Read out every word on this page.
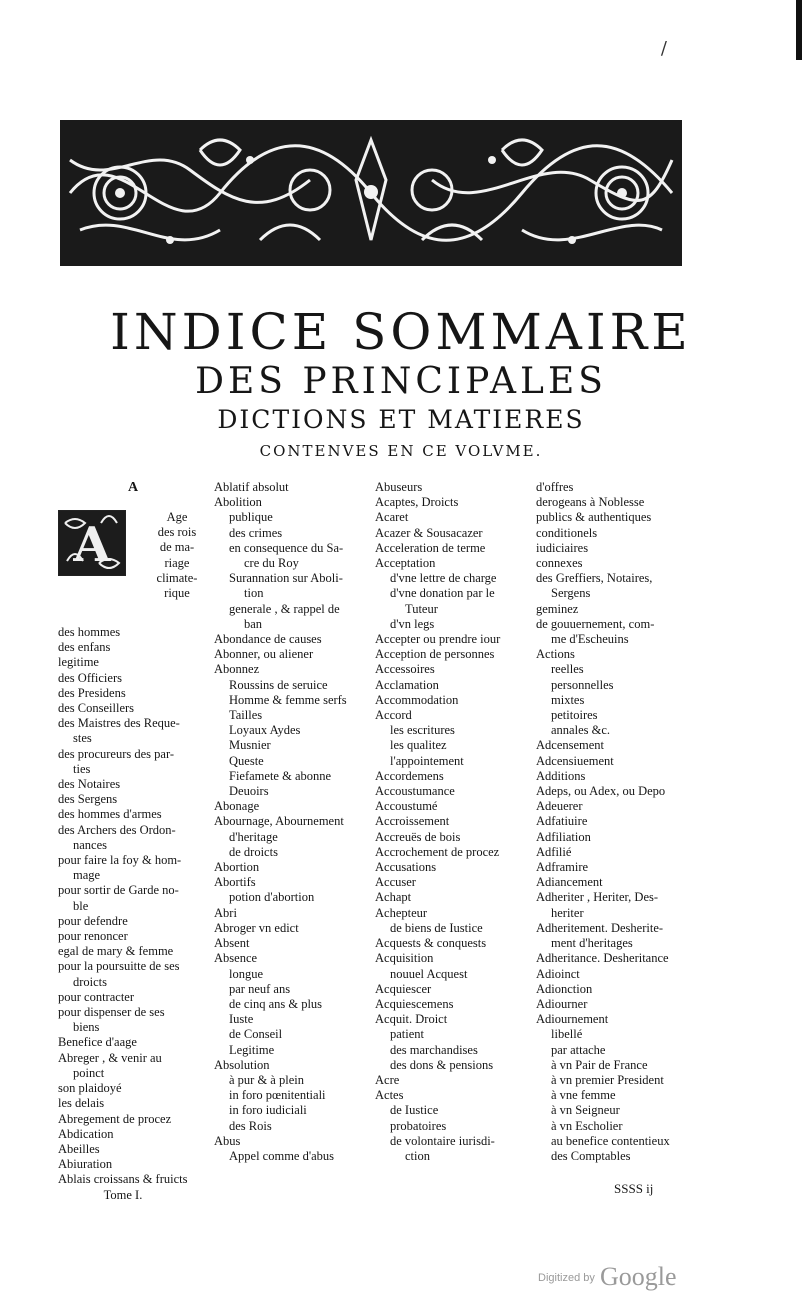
/
INDICE SOMMAIRE
DES PRINCIPALES
DICTIONS ET MATIERES
CONTENVES EN CE VOLVME.
A
A	Age
des rois
de ma-
riage
climate-
rique
des hommes
des enfans
legitime
des Officiers
des Presidens
des Conseillers
des Maistres des Reque-
stes
des procureurs des par-
ties
des Notaires
des Sergens
des hommes d'armes
des Archers des Ordon-
nances
pour faire la foy & hom-
mage
pour sortir de Garde no-
ble
pour defendre
pour renoncer
egal de mary & femme
pour la poursuitte de ses
droicts
pour contracter
pour dispenser de ses
biens
Benefice d'aage
Abreger , & venir au
poinct
son plaidoyé
les delais
Abregement de procez
Abdication
Abeilles
Abiuration
Ablais croissans & fruicts
Tome I.
Ablatif absolut
Abolition
publique
des crimes
en consequence du Sa-
cre du Roy
Surannation sur Aboli-
tion
generale , & rappel de
ban
Abondance de causes
Abonner, ou aliener
Abonnez
Roussins de seruice
Homme & femme serfs
Tailles
Loyaux Aydes
Musnier
Queste
Fiefamete & abonne
Deuoirs
Abonage
Abournage, Abournement
d'heritage
de droicts
Abortion
Abortifs
potion d'abortion
Abri
Abroger vn edict
Absent
Absence
longue
par neuf ans
de cinq ans & plus
Iuste
de Conseil
Legitime
Absolution
à pur & à plein
in foro pœnitentiali
in foro iudiciali
des Rois
Abus
Appel comme d'abus
Abuseurs
Acaptes, Droicts
Acaret
Acazer & Sousacazer
Acceleration de terme
Acceptation
d'vne lettre de charge
d'vne donation par le
Tuteur
d'vn legs
Accepter ou prendre iour
Acception de personnes
Accessoires
Acclamation
Accommodation
Accord
les escritures
les qualitez
l'appointement
Accordemens
Accoustumance
Accoustumé
Accroissement
Accreuës de bois
Accrochement de procez
Accusations
Accuser
Achapt
Achepteur
de biens de Iustice
Acquests & conquests
Acquisition
nouuel Acquest
Acquiescer
Acquiescemens
Acquit. Droict
patient
des marchandises
des dons & pensions
Acre
Actes
de Iustice
probatoires
de volontaire iurisdi-
ction
d'offres
derogeans à Noblesse
publics & authentiques
conditionels
iudiciaires
connexes
des Greffiers, Notaires,
Sergens
geminez
de gouuernement, com-
me d'Escheuins
Actions
reelles
personnelles
mixtes
petitoires
annales &c.
Adcensement
Adcensiuement
Additions
Adeps, ou Adex, ou Depo
Adeuerer
Adfatiuire
Adfiliation
Adfilié
Adframire
Adiancement
Adheriter , Heriter, Des-
heriter
Adheritement. Desherite-
ment d'heritages
Adheritance. Desheritance
Adioinct
Adionction
Adiourner
Adiournement
libellé
par attache
à vn Pair de France
à vn premier President
à vne femme
à vn Seigneur
à vn Escholier
au benefice contentieux
des Comptables
SSSS ij
$^{Digitized by}$ Google
